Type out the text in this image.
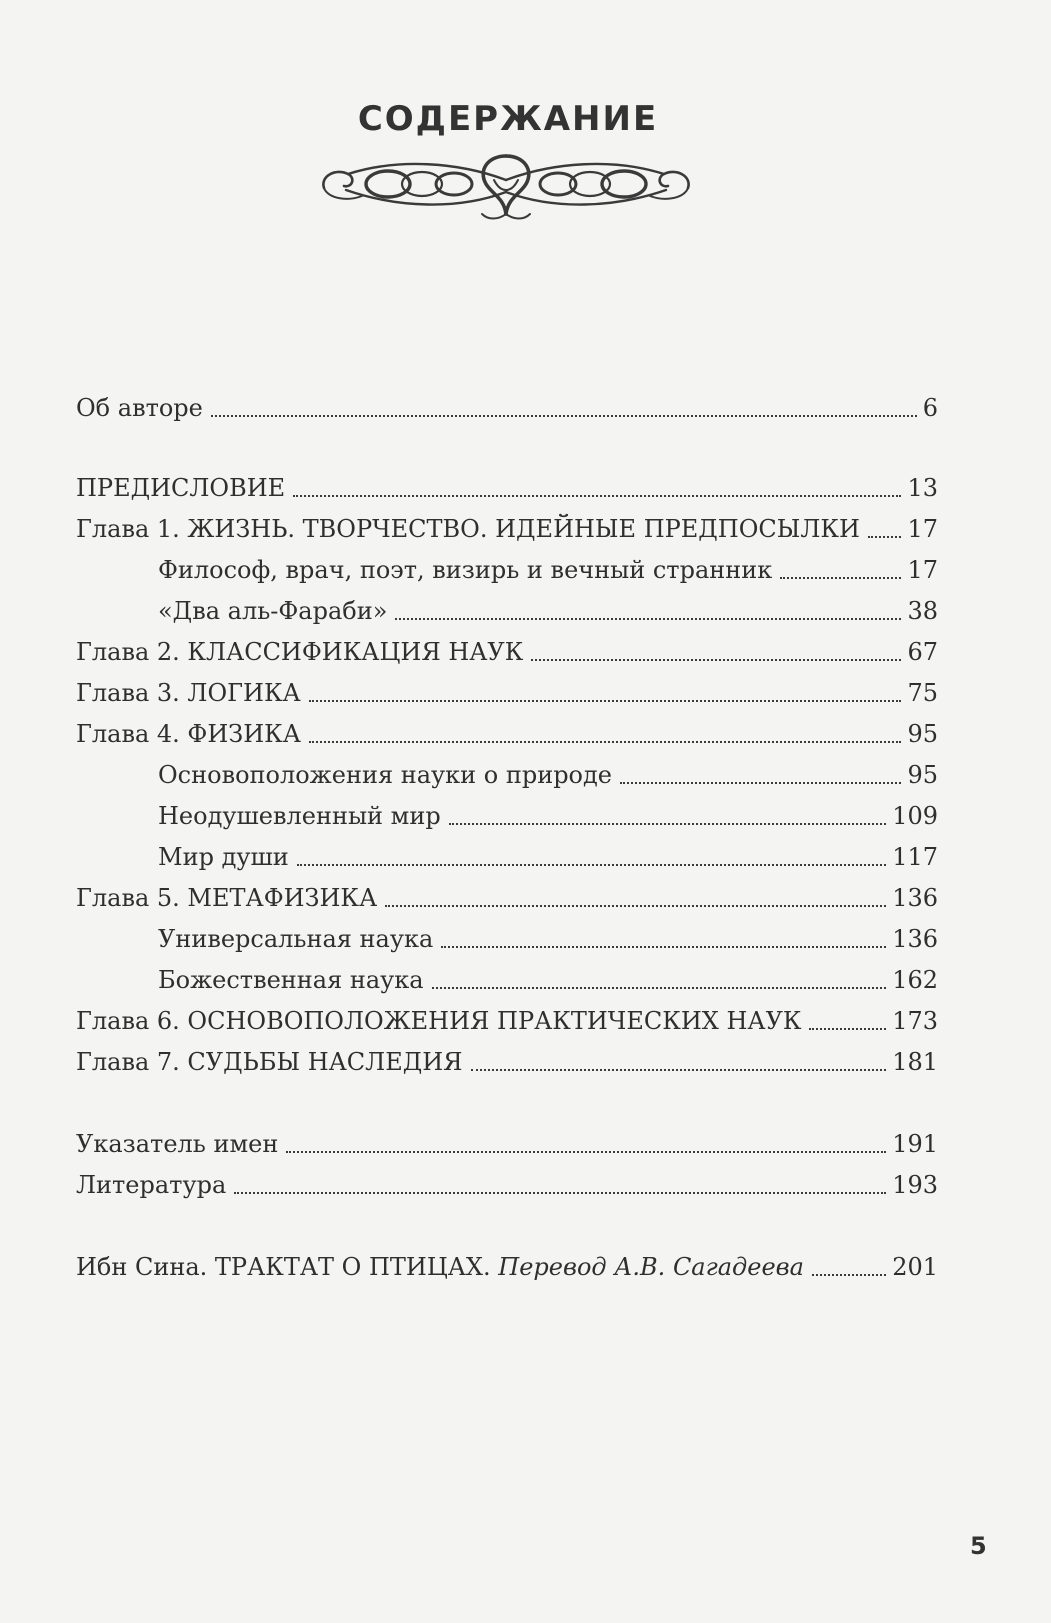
СОДЕРЖАНИЕ
Об авторе	6
ПРЕДИСЛОВИЕ	13
Глава 1. ЖИЗНЬ. ТВОРЧЕСТВО. ИДЕЙНЫЕ ПРЕДПОСЫЛКИ	17
Философ, врач, поэт, визирь и вечный странник	17
«Два аль-Фараби»	38
Глава 2. КЛАССИФИКАЦИЯ НАУК	67
Глава 3. ЛОГИКА	75
Глава 4. ФИЗИКА	95
Основоположения науки о природе	95
Неодушевленный мир	109
Мир души	117
Глава 5. МЕТАФИЗИКА	136
Универсальная наука	136
Божественная наука	162
Глава 6. ОСНОВОПОЛОЖЕНИЯ ПРАКТИЧЕСКИХ НАУК	173
Глава 7. СУДЬБЫ НАСЛЕДИЯ	181
Указатель имен	191
Литература	193
Ибн Сина. ТРАКТАТ О ПТИЦАХ. Перевод А.В. Сагадеева	201
5
